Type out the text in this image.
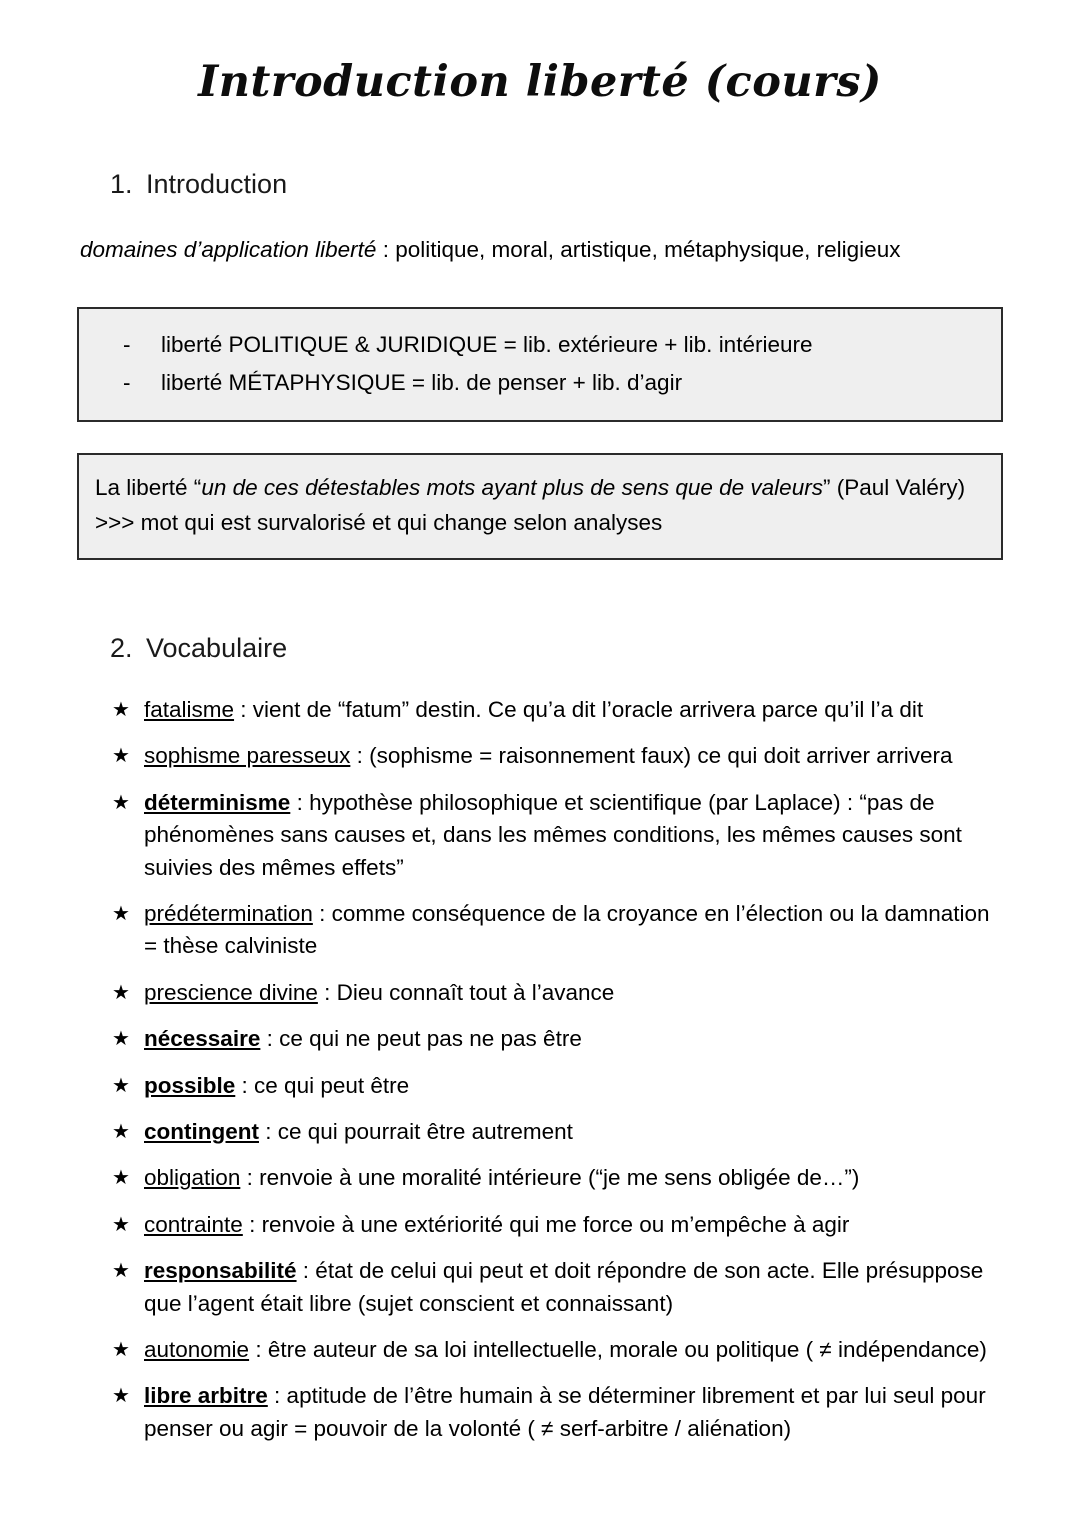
Introduction liberté (cours)
1. Introduction

domaines d’application liberté : politique, moral, artistique, métaphysique, religieux

-	liberté POLITIQUE & JURIDIQUE = lib. extérieure + lib. intérieure
-	liberté MÉTAPHYSIQUE = lib. de penser + lib. d’agir

La liberté “un de ces détestables mots ayant plus de sens que de valeurs” (Paul Valéry)

>>> mot qui est survalorisé et qui change selon analyses

2. Vocabulaire
★ fatalisme : vient de “fatum” destin. Ce qu’a dit l’oracle arrivera parce qu’il l’a dit
★ sophisme paresseux : (sophisme = raisonnement faux) ce qui doit arriver arrivera
★ déterminisme : hypothèse philosophique et scientifique (par Laplace) : “pas de phénomènes sans causes et, dans les mêmes conditions, les mêmes causes sont suivies des mêmes effets”
★ prédétermination : comme conséquence de la croyance en l’élection ou la damnation = thèse calviniste
★ prescience divine : Dieu connaît tout à l’avance
★ nécessaire : ce qui ne peut pas ne pas être
★ possible : ce qui peut être
★ contingent : ce qui pourrait être autrement
★ obligation : renvoie à une moralité intérieure (“je me sens obligée de…”)
★ contrainte : renvoie à une extériorité qui me force ou m’empêche à agir
★ responsabilité : état de celui qui peut et doit répondre de son acte. Elle présuppose que l’agent était libre (sujet conscient et connaissant)
★ autonomie : être auteur de sa loi intellectuelle, morale ou politique ( ≠ indépendance)
★ libre arbitre : aptitude de l’être humain à se déterminer librement et par lui seul pour penser ou agir = pouvoir de la volonté ( ≠ serf-arbitre / aliénation)
